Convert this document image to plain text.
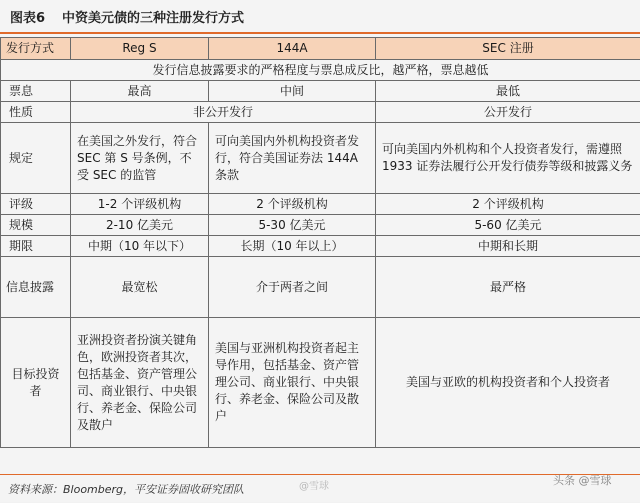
图表6 中资美元债的三种注册发行方式
发行方式	Reg S	144A	SEC 注册
发行信息披露要求的严格程度与票息成反比，越严格，票息越低			
票息	最高	中间	最低
性质	非公开发行		公开发行
规定	在美国之外发行，符合 SEC 第 S 号条例，不受 SEC 的监管	可向美国内外机构投资者发行，符合美国证券法 144A 条款	可向美国内外机构和个人投资者发行，需遵照 1933 证券法履行公开发行债券等级和披露义务
评级	1-2 个评级机构	2 个评级机构	2 个评级机构
规模	2-10 亿美元	5-30 亿美元	5-60 亿美元
期限	中期（10 年以下）	长期（10 年以上）	中期和长期
信息披露	最宽松	介于两者之间	最严格
目标投资者	亚洲投资者扮演关键角色，欧洲投资者其次，包括基金、资产管理公司、商业银行、中央银行、养老金、保险公司及散户	美国与亚洲机构投资者起主导作用，包括基金、资产管理公司、商业银行、中央银行、养老金、保险公司及散户	美国与亚欧的机构投资者和个人投资者
资料来源：Bloomberg，平安证券固收研究团队	@雪球	头条 @雪球
